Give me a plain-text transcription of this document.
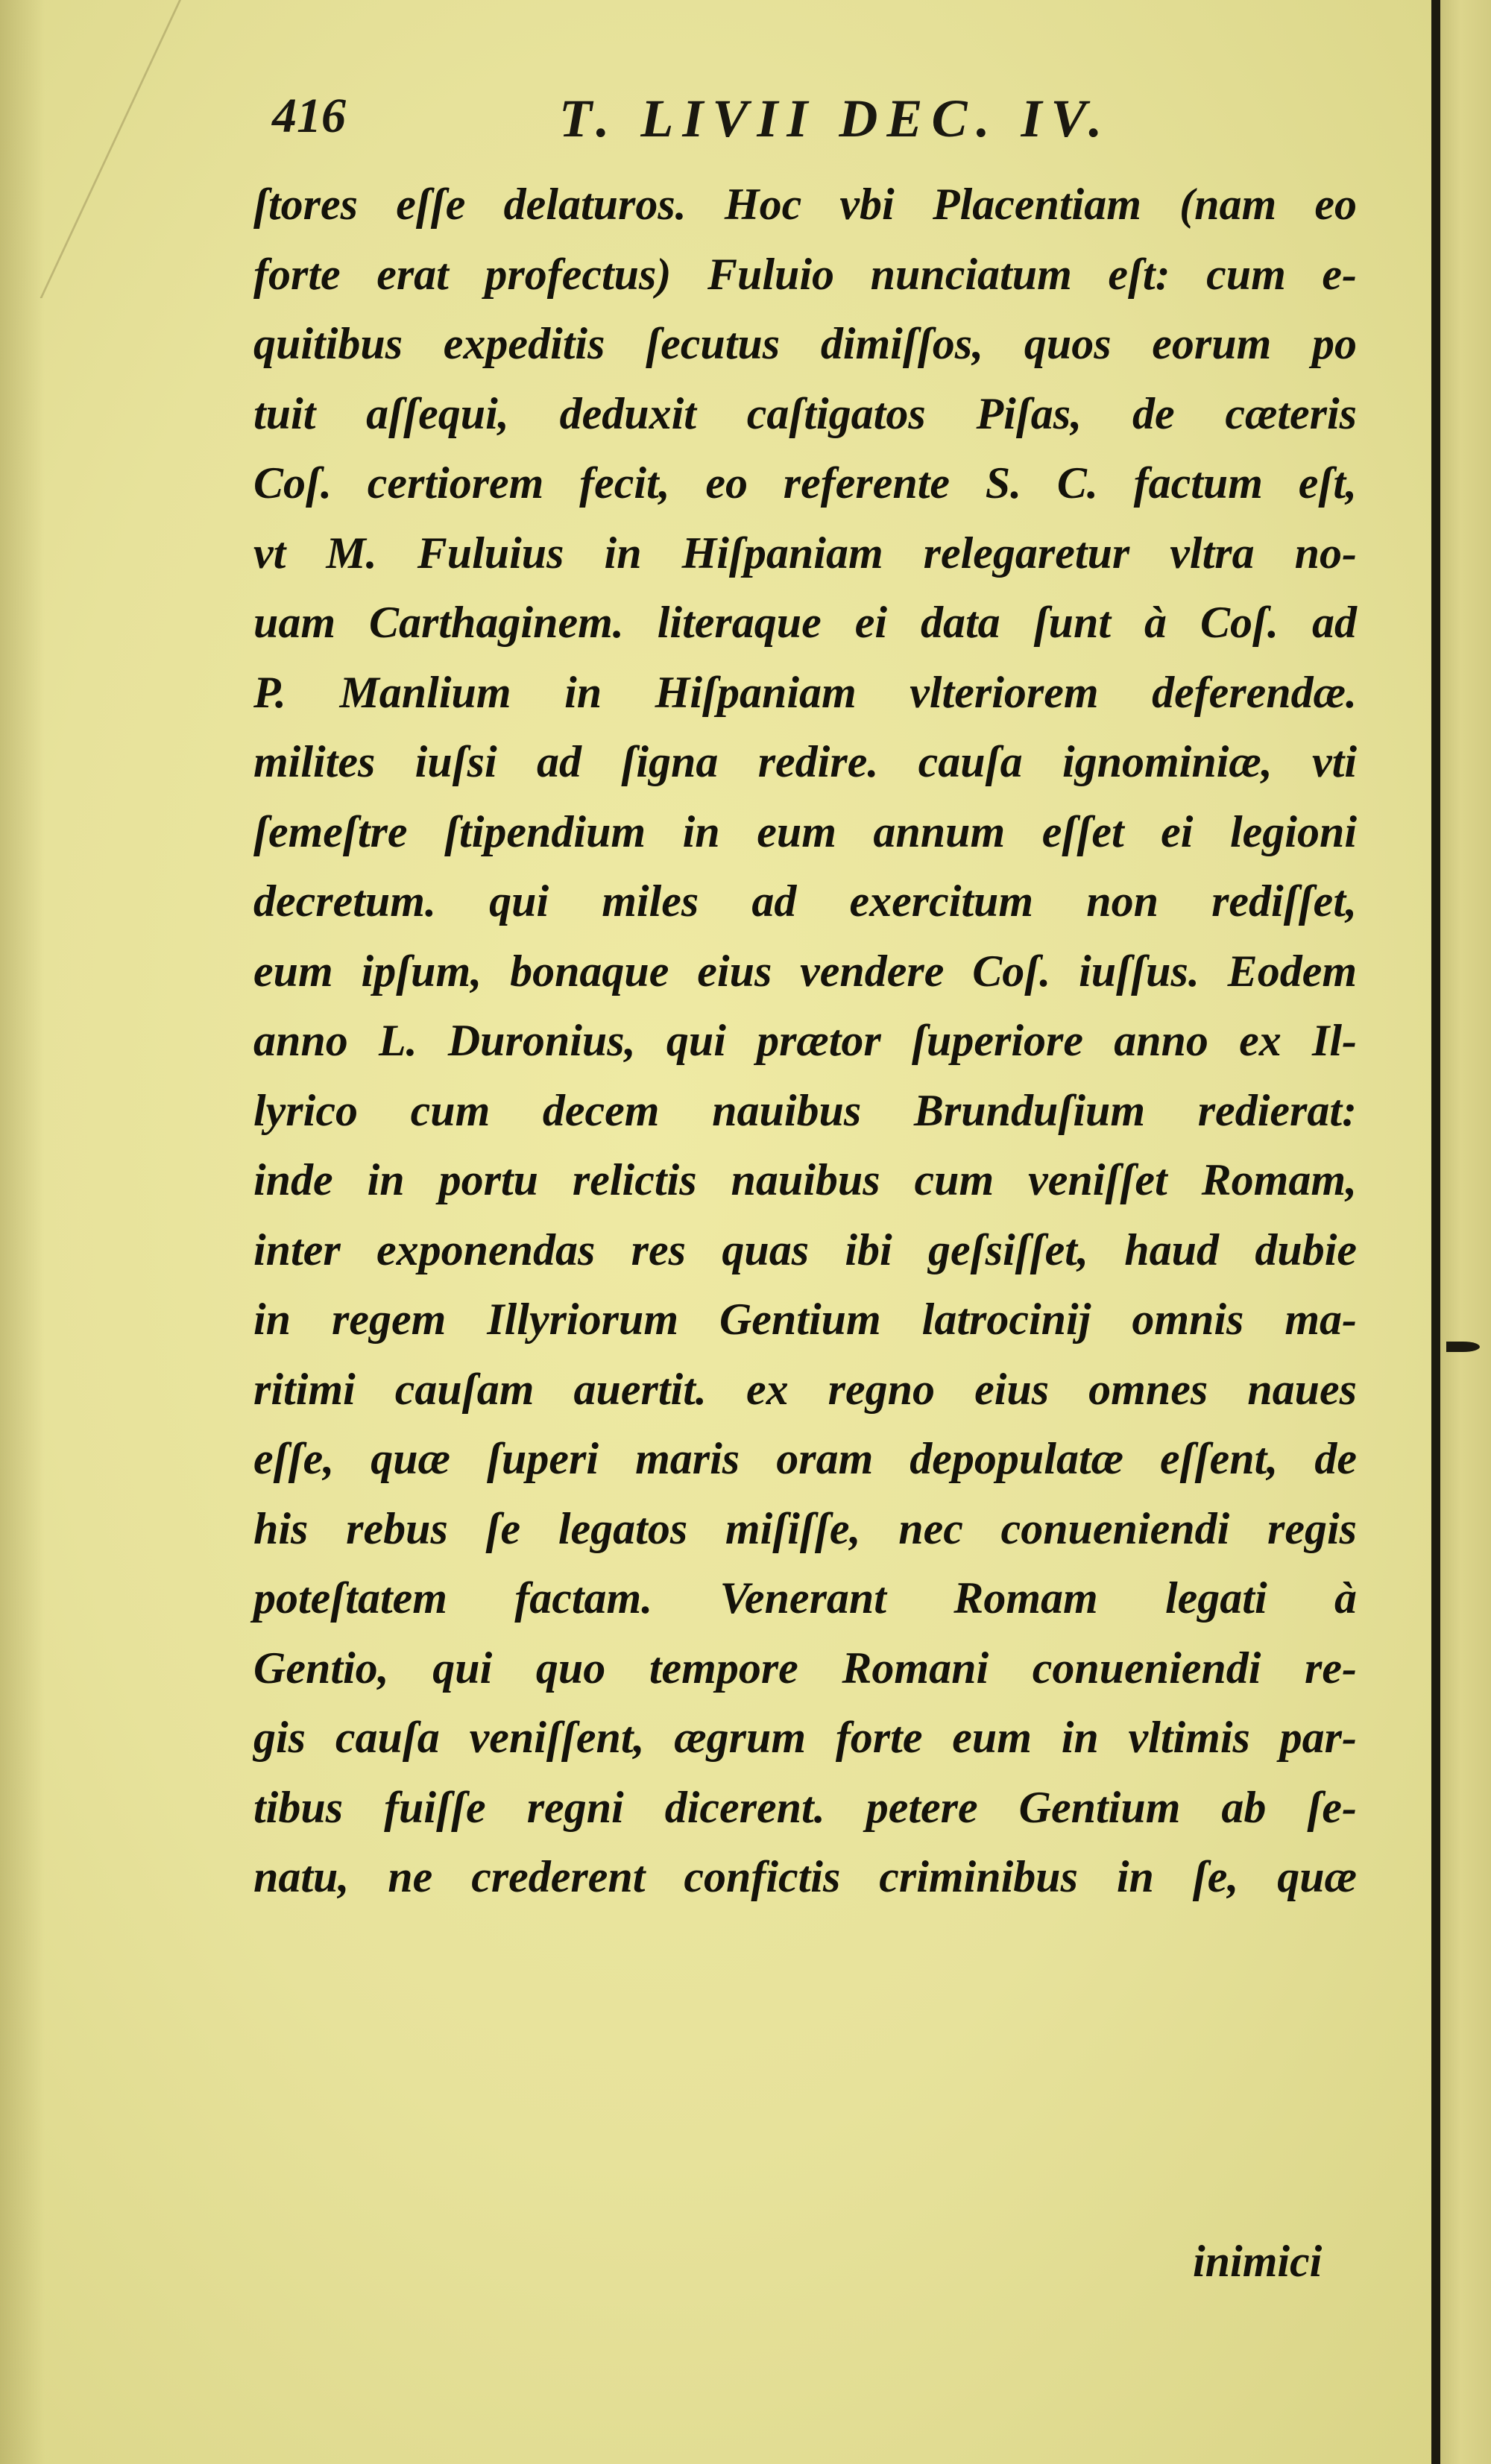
416	T. LIVII DEC. IV.
ſtores eſſe delaturos. Hoc vbi Placentiam (nam eo
forte erat profectus) Fuluio nunciatum eſt: cum e-
quitibus expeditis ſecutus dimiſſos, quos eorum po
tuit aſſequi, deduxit caſtigatos Piſas, de cæteris
Coſ. certiorem fecit, eo referente S. C. factum eſt,
vt M. Fuluius in Hiſpaniam relegaretur vltra no-
uam Carthaginem. literaque ei data ſunt à Coſ. ad
P. Manlium in Hiſpaniam vlteriorem deferendæ.
milites iuſsi ad ſigna redire. cauſa ignominiæ, vti
ſemeſtre ſtipendium in eum annum eſſet ei legioni
decretum. qui miles ad exercitum non rediſſet,
eum ipſum, bonaque eius vendere Coſ. iuſſus. Eodem
anno L. Duronius, qui prætor ſuperiore anno ex Il-
lyrico cum decem nauibus Brunduſium redierat:
inde in portu relictis nauibus cum veniſſet Romam,
inter exponendas res quas ibi geſsiſſet, haud dubie
in regem Illyriorum Gentium latrocinij omnis ma-
ritimi cauſam auertit. ex regno eius omnes naues
eſſe, quæ ſuperi maris oram depopulatæ eſſent, de
his rebus ſe legatos miſiſſe, nec conueniendi regis
poteſtatem factam. Venerant Romam legati à
Gentio, qui quo tempore Romani conueniendi re-
gis cauſa veniſſent, ægrum forte eum in vltimis par-
tibus fuiſſe regni dicerent. petere Gentium ab ſe-
natu, ne crederent confictis criminibus in ſe, quæ
inimici
